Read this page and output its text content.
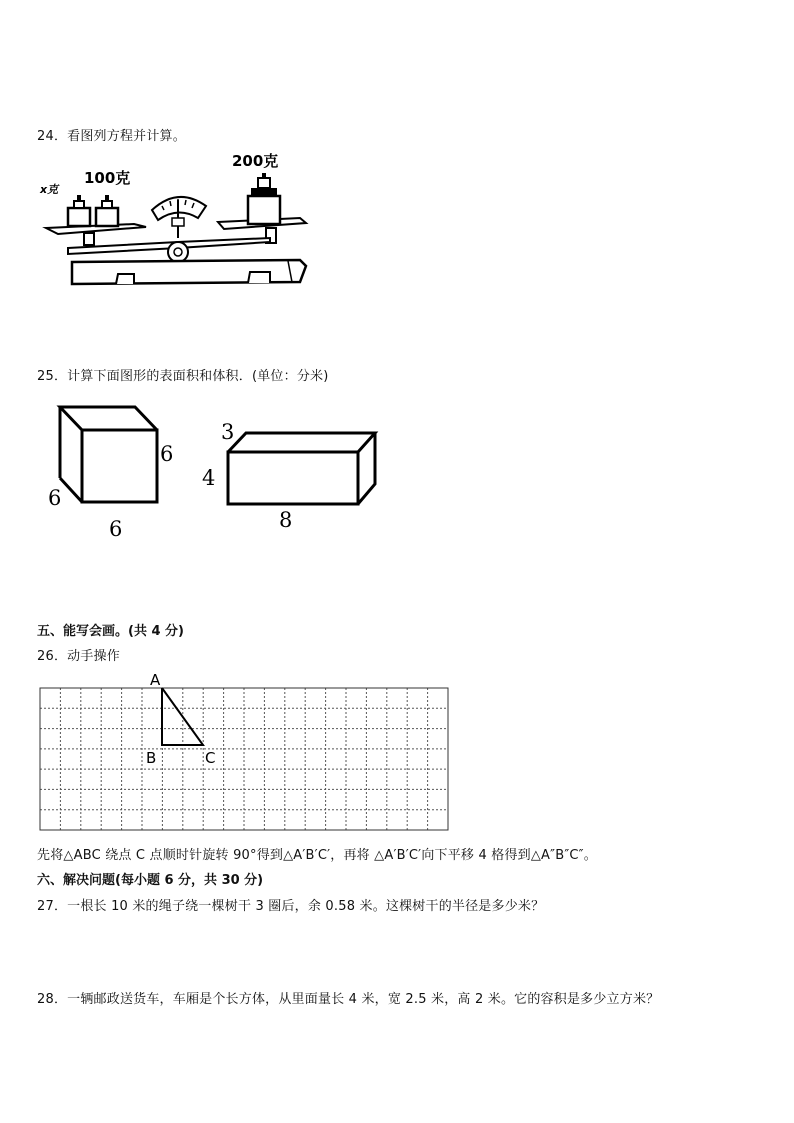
24．看图列方程并计算。
x克
100克
200克
25．计算下面图形的表面积和体积．(单位：分米)
6
6
6
3
4
8
五、能写会画。(共 4 分)
26．动手操作
A
B	C
先将△ABC 绕点 C 点顺时针旋转 90°得到△A′B′C′，再将 △A′B′C′向下平移 4 格得到△A″B″C″。
六、解决问题(每小题 6 分，共 30 分)
27．一根长 10 米的绳子绕一棵树干 3 圈后，余 0.58 米。这棵树干的半径是多少米？
28．一辆邮政送货车，车厢是个长方体，从里面量长 4 米，宽 2.5 米，高 2 米。它的容积是多少立方米？
